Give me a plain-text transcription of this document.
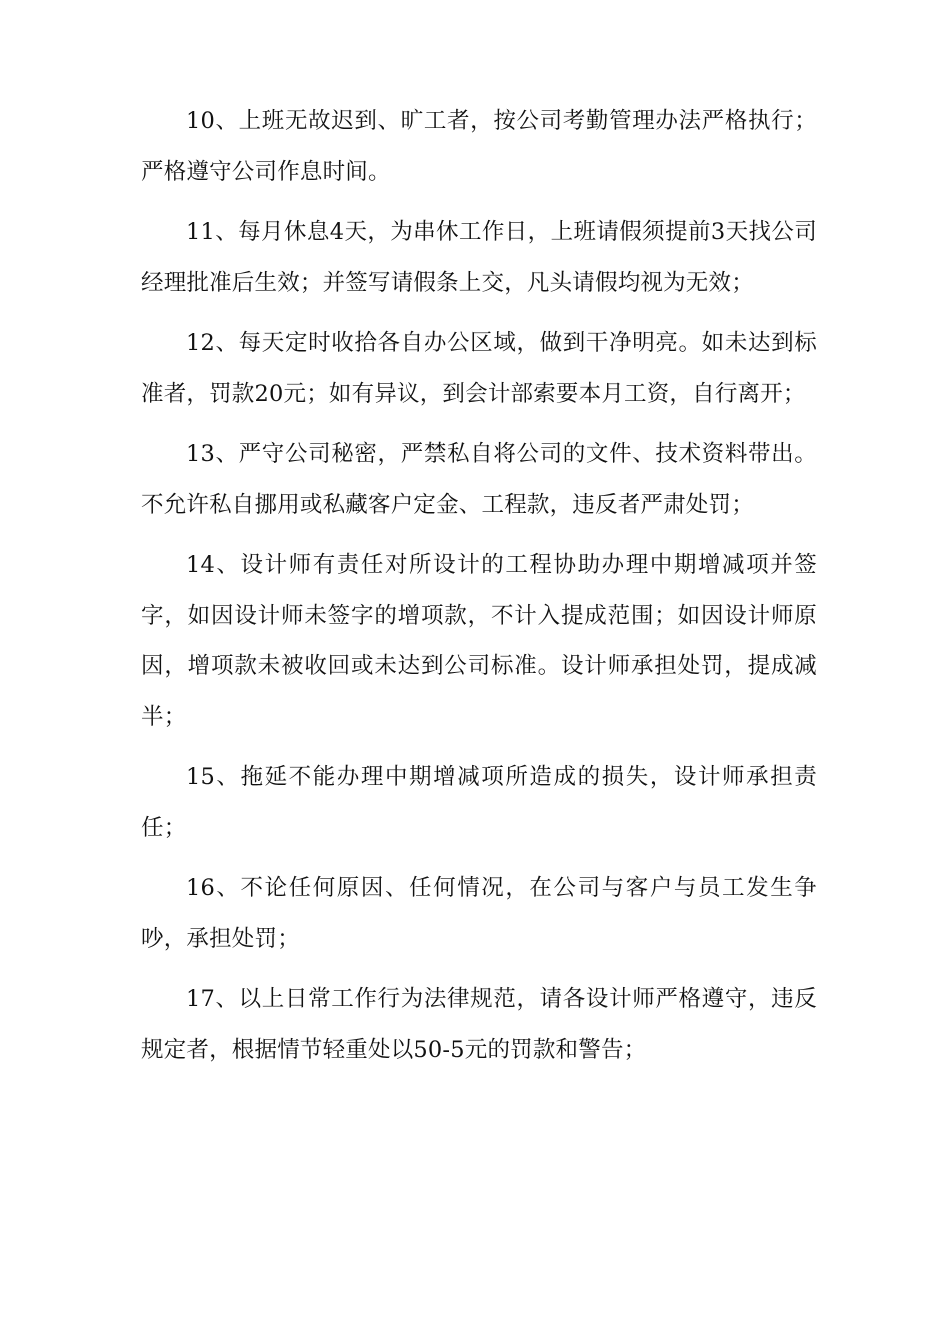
10、上班无故迟到、旷工者，按公司考勤管理办法严格执行；严格遵守公司作息时间。

11、每月休息4天，为串休工作日，上班请假须提前3天找公司经理批准后生效；并签写请假条上交，凡头请假均视为无效；

12、每天定时收拾各自办公区域，做到干净明亮。如未达到标准者，罚款20元；如有异议，到会计部索要本月工资，自行离开；

13、严守公司秘密，严禁私自将公司的文件、技术资料带出。不允许私自挪用或私藏客户定金、工程款，违反者严肃处罚；

14、设计师有责任对所设计的工程协助办理中期增减项并签字，如因设计师未签字的增项款，不计入提成范围；如因设计师原因，增项款未被收回或未达到公司标准。设计师承担处罚，提成减半；

15、拖延不能办理中期增减项所造成的损失，设计师承担责任；

16、不论任何原因、任何情况，在公司与客户与员工发生争吵，承担处罚；

17、以上日常工作行为法律规范，请各设计师严格遵守，违反规定者，根据情节轻重处以50-5元的罚款和警告；
